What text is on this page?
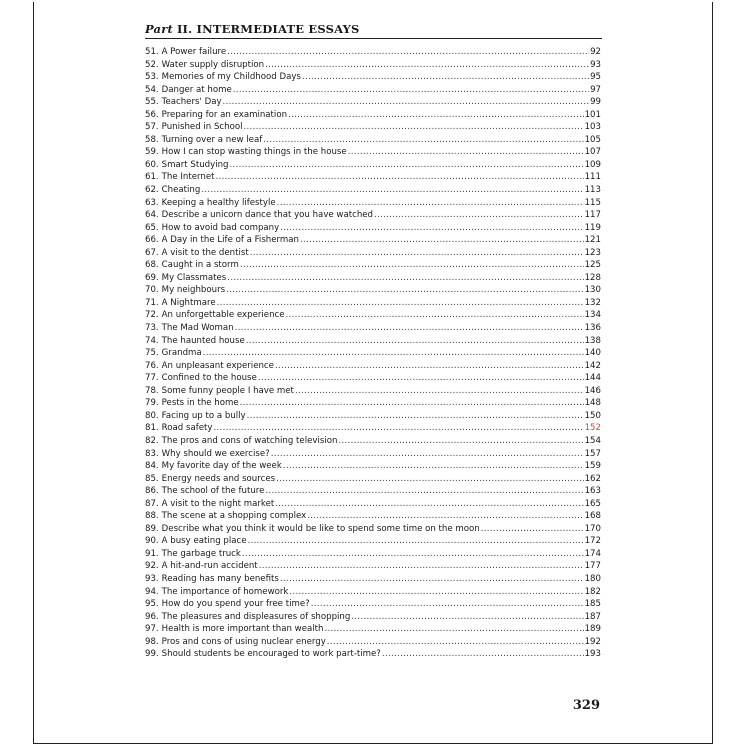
Part II. INTERMEDIATE ESSAYS
51. A Power failure .....	92
52. Water supply disruption .....	93
53. Memories of my Childhood Days .....	95
54. Danger at home .....	97
55. Teachers' Day .....	99
56. Preparing for an examination .....	101
57. Punished in School .....	103
58. Turning over a new leaf .....	105
59. How I can stop wasting things in the house .....	107
60. Smart Studying .....	109
61. The Internet .....	111
62. Cheating .....	113
63. Keeping a healthy lifestyle .....	115
64. Describe a unicorn dance that you have watched .....	117
65. How to avoid bad company .....	119
66. A Day in the Life of a Fisherman .....	121
67. A visit to the dentist .....	123
68. Caught in a storm .....	125
69. My Classmates .....	128
70. My neighbours .....	130
71. A Nightmare .....	132
72. An unforgettable experience .....	134
73. The Mad Woman .....	136
74. The haunted house .....	138
75. Grandma .....	140
76. An unpleasant experience .....	142
77. Confined to the house .....	144
78. Some funny people I have met .....	146
79. Pests in the home .....	148
80. Facing up to a bully .....	150
81. Road safety .....	152
82. The pros and cons of watching television .....	154
83. Why should we exercise? .....	157
84. My favorite day of the week .....	159
85. Energy needs and sources .....	162
86. The school of the future .....	163
87. A visit to the night market .....	165
88. The scene at a shopping complex .....	168
89. Describe what you think it would be like to spend some time on the moon .....	170
90. A busy eating place .....	172
91. The garbage truck .....	174
92. A hit-and-run accident .....	177
93. Reading has many benefits .....	180
94. The importance of homework .....	182
95. How do you spend your free time? .....	185
96. The pleasures and displeasures of shopping .....	187
97. Health is more important than wealth .....	189
98. Pros and cons of using nuclear energy .....	192
99. Should students be encouraged to work part-time? .....	193
329
